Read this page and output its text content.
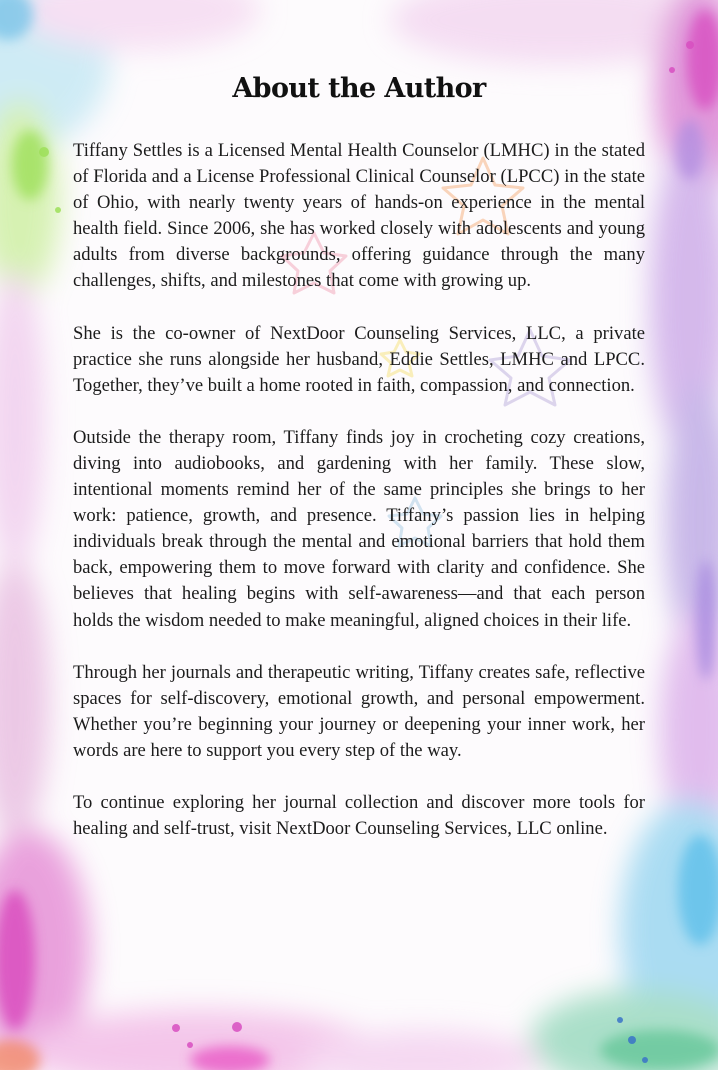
About the Author

Tiffany Settles is a Licensed Mental Health Counselor (LMHC) in the stated of Florida and a License Professional Clinical Counselor (LPCC) in the state of Ohio, with nearly twenty years of hands-on experience in the mental health field. Since 2006, she has worked closely with adolescents and young adults from diverse backgrounds, offering guidance through the many challenges, shifts, and milestones that come with growing up.

She is the co-owner of NextDoor Counseling Services, LLC, a private practice she runs alongside her husband, Eddie Settles, LMHC and LPCC. Together, they’ve built a home rooted in faith, compassion, and connection.

Outside the therapy room, Tiffany finds joy in crocheting cozy creations, diving into audiobooks, and gardening with her family. These slow, intentional moments remind her of the same principles she brings to her work: patience, growth, and presence. Tiffany’s passion lies in helping individuals break through the mental and emotional barriers that hold them back, empowering them to move forward with clarity and confidence. She believes that healing begins with self-awareness—and that each person holds the wisdom needed to make meaningful, aligned choices in their life.

Through her journals and therapeutic writing, Tiffany creates safe, reflective spaces for self-discovery, emotional growth, and personal empowerment. Whether you’re beginning your journey or deepening your inner work, her words are here to support you every step of the way.

To continue exploring her journal collection and discover more tools for healing and self-trust, visit NextDoor Counseling Services, LLC online.
